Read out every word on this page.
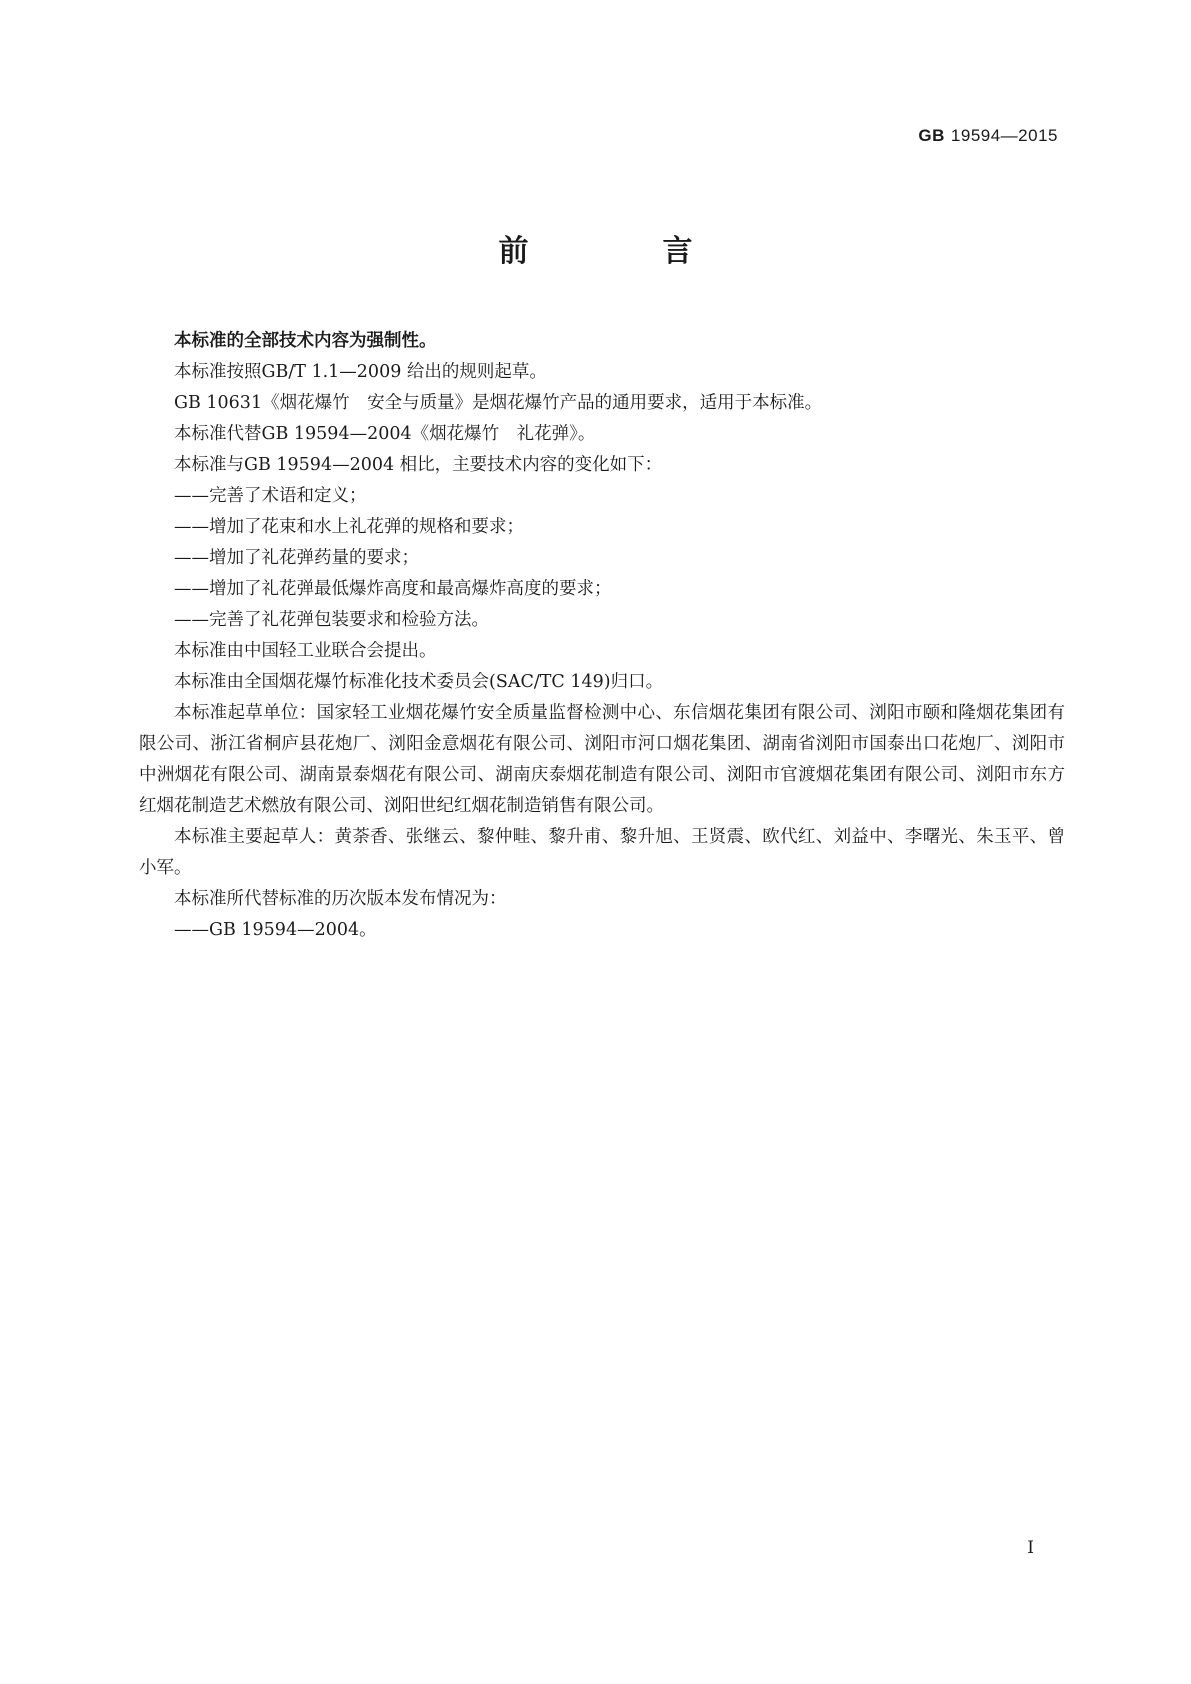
GB 19594—2015
前　言

本标准的全部技术内容为强制性。

本标准按照GB/T 1.1—2009 给出的规则起草。

GB 10631《烟花爆竹　安全与质量》是烟花爆竹产品的通用要求，适用于本标准。

本标准代替GB 19594—2004《烟花爆竹　礼花弹》。

本标准与GB 19594—2004 相比，主要技术内容的变化如下：

——完善了术语和定义；

——增加了花束和水上礼花弹的规格和要求；

——增加了礼花弹药量的要求；

——增加了礼花弹最低爆炸高度和最高爆炸高度的要求；

——完善了礼花弹包装要求和检验方法。

本标准由中国轻工业联合会提出。

本标准由全国烟花爆竹标准化技术委员会(SAC/TC 149)归口。

本标准起草单位：国家轻工业烟花爆竹安全质量监督检测中心、东信烟花集团有限公司、浏阳市颐和隆烟花集团有限公司、浙江省桐庐县花炮厂、浏阳金意烟花有限公司、浏阳市河口烟花集团、湖南省浏阳市国泰出口花炮厂、浏阳市中洲烟花有限公司、湖南景泰烟花有限公司、湖南庆泰烟花制造有限公司、浏阳市官渡烟花集团有限公司、浏阳市东方红烟花制造艺术燃放有限公司、浏阳世纪红烟花制造销售有限公司。

本标准主要起草人：黄荼香、张继云、黎仲畦、黎升甫、黎升旭、王贤震、欧代红、刘益中、李曙光、朱玉平、曾小军。

本标准所代替标准的历次版本发布情况为：

——GB 19594—2004。

I
